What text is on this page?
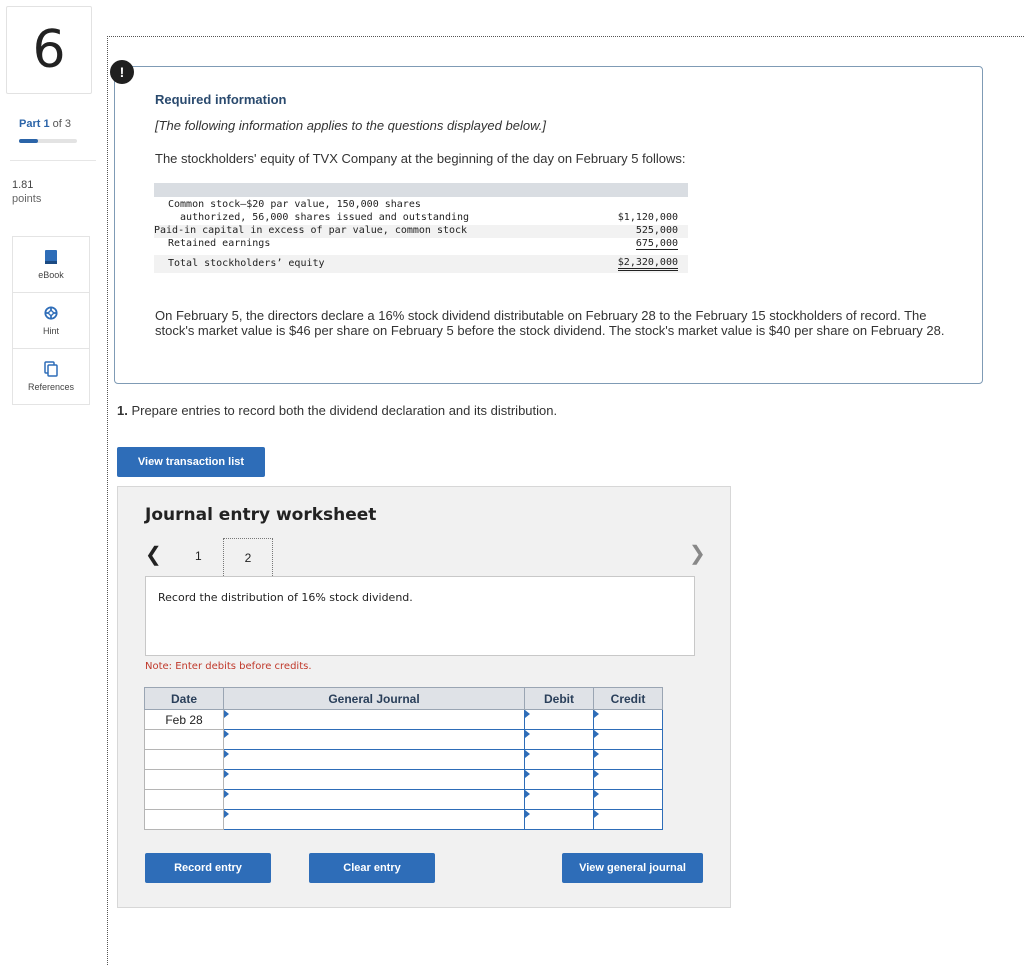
6
Part 1 of 3
1.81
points
eBook
Hint
References
!
Required information
[The following information applies to the questions displayed below.]
The stockholders' equity of TVX Company at the beginning of the day on February 5 follows:
Common stock—$20 par value, 150,000 shares
authorized, 56,000 shares issued and outstanding	$1,120,000
Paid-in capital in excess of par value, common stock	525,000
Retained earnings	675,000
Total stockholders’ equity	$2,320,000
On February 5, the directors declare a 16% stock dividend distributable on February 28 to the February 15 stockholders of record. The stock's market value is $46 per share on February 5 before the stock dividend. The stock's market value is $40 per share on February 28.
1. Prepare entries to record both the dividend declaration and its distribution.
View transaction list
Journal entry worksheet
❮	1	2	❯
Record the distribution of 16% stock dividend.
Note: Enter debits before credits.
Date	General Journal	Debit	Credit
Feb 28	

Record entry	Clear entry	View general journal
